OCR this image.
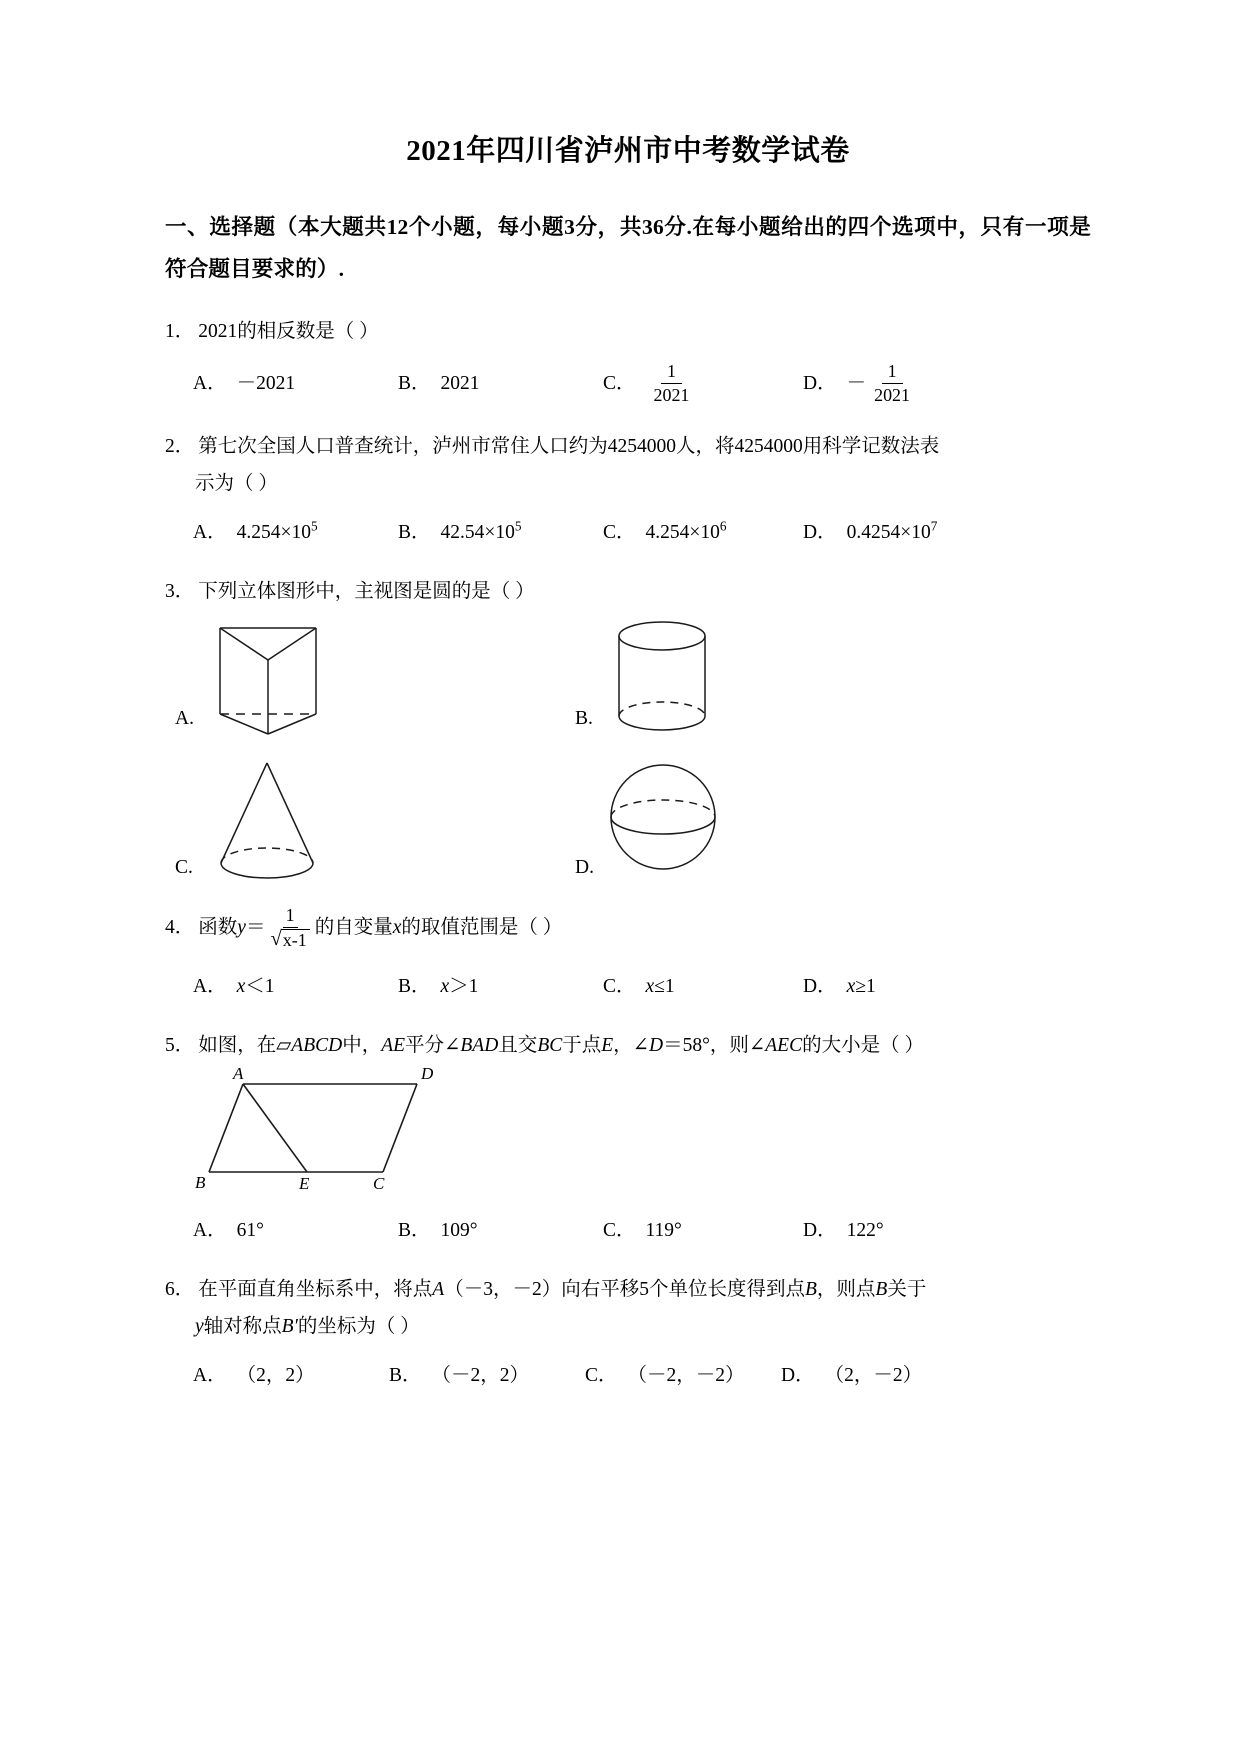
2021年四川省泸州市中考数学试卷
一、选择题（本大题共12个小题，每小题3分，共36分.在每小题给出的四个选项中，只有一项是符合题目要求的）.
1． 2021的相反数是（ ）
A． －2021	B． 2021	C． $\frac{1}{2021}$	D． － $\frac{1}{2021}$
2． 第七次全国人口普查统计，泸州市常住人口约为4254000人，将4254000用科学记数法表
示为（ ）
A． $4.254\times 10^5$	B． $42.54\times 10^5$	C． $4.254\times 10^6$	D． $0.4254\times 10^7$
3． 下列立体图形中，主视图是圆的是（ ）
A.	B.
C.	D.
4． 函数$y= \frac{1}{√ x-1}$ 的自变量x的取值范围是（ ）
A． x ＜1	B． x ＞1	C． x ≤1	D． x ≥1
5． 如图，在▱ABCD中，AE平分∠BAD且交BC于点E，∠D＝58°，则∠AEC的大小是（ ）
A	D
B	E	C
A． 61°	B． 109°	C． 119°	D． 122°
6． 在平面直角坐标系中，将点A（－3，－2）向右平移5个单位长度得到点B，则点B关于
y轴对称点B′的坐标为（ ）
A． （2，2）	B． （－2，2）	C． （－2，－2） D． （2，－2）
